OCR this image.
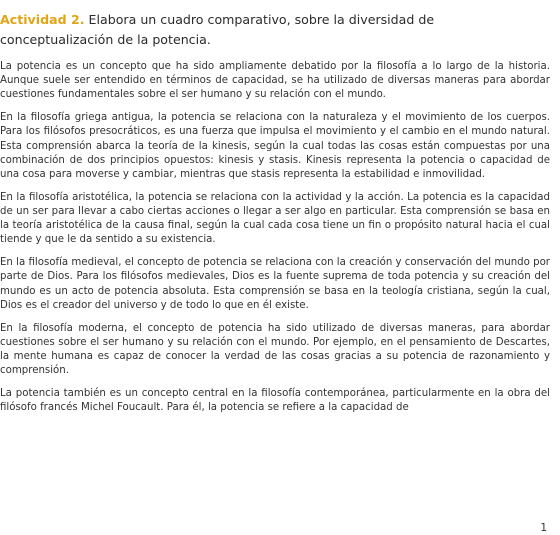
Actividad 2. Elabora un cuadro comparativo, sobre la diversidad de conceptualización de la potencia.

La potencia es un concepto que ha sido ampliamente debatido por la filosofía a lo largo de la historia. Aunque suele ser entendido en términos de capacidad, se ha utilizado de diversas maneras para abordar cuestiones fundamentales sobre el ser humano y su relación con el mundo.

En la filosofía griega antigua, la potencia se relaciona con la naturaleza y el movimiento de los cuerpos. Para los filósofos presocráticos, es una fuerza que impulsa el movimiento y el cambio en el mundo natural. Esta comprensión abarca la teoría de la kinesis, según la cual todas las cosas están compuestas por una combinación de dos principios opuestos: kinesis y stasis. Kinesis representa la potencia o capacidad de una cosa para moverse y cambiar, mientras que stasis representa la estabilidad e inmovilidad.

En la filosofía aristotélica, la potencia se relaciona con la actividad y la acción. La potencia es la capacidad de un ser para llevar a cabo ciertas acciones o llegar a ser algo en particular. Esta comprensión se basa en la teoría aristotélica de la causa final, según la cual cada cosa tiene un fin o propósito natural hacia el cual tiende y que le da sentido a su existencia.

En la filosofía medieval, el concepto de potencia se relaciona con la creación y conservación del mundo por parte de Dios. Para los filósofos medievales, Dios es la fuente suprema de toda potencia y su creación del mundo es un acto de potencia absoluta. Esta comprensión se basa en la teología cristiana, según la cual, Dios es el creador del universo y de todo lo que en él existe.

En la filosofía moderna, el concepto de potencia ha sido utilizado de diversas maneras, para abordar cuestiones sobre el ser humano y su relación con el mundo. Por ejemplo, en el pensamiento de Descartes, la mente humana es capaz de conocer la verdad de las cosas gracias a su potencia de razonamiento y comprensión.

La potencia también es un concepto central en la filosofía contemporánea, particularmente en la obra del filósofo francés Michel Foucault. Para él, la potencia se refiere a la capacidad de

1
